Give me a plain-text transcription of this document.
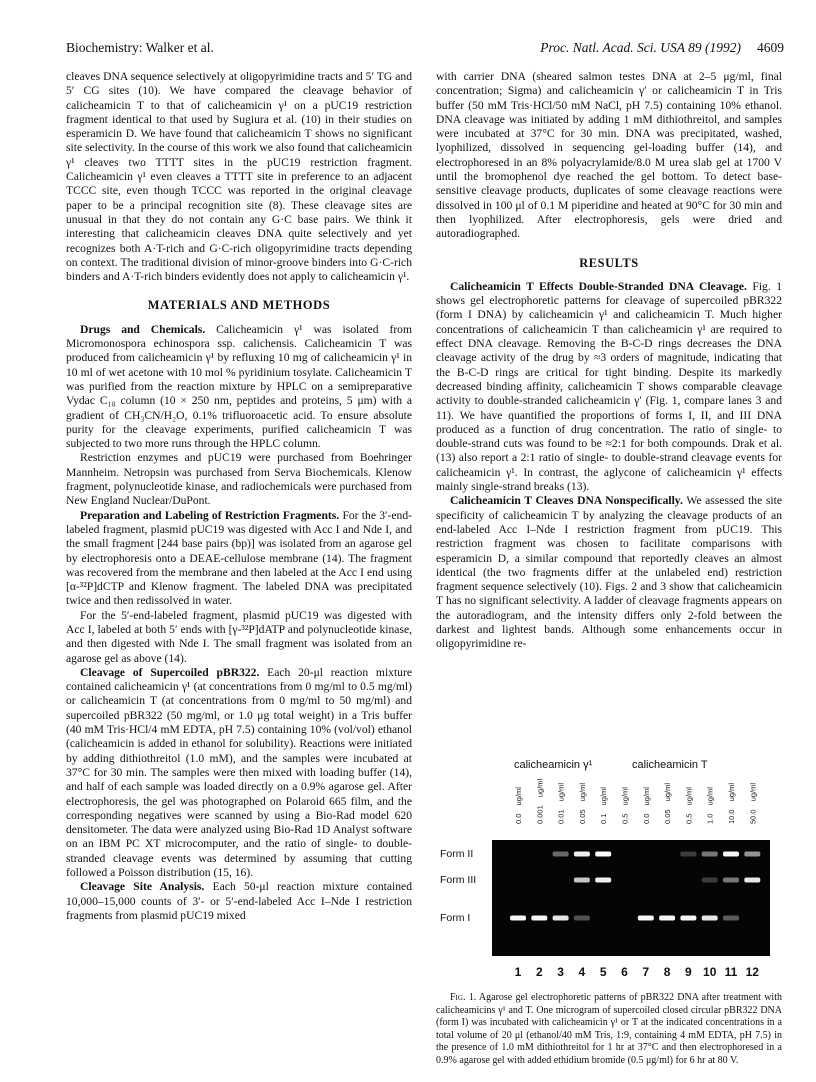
Biochemistry: Walker et al.	Proc. Natl. Acad. Sci. USA 89 (1992) 4609

cleaves DNA sequence selectively at oligopyrimidine tracts and 5′ TG and 5′ CG sites (10). We have compared the cleavage behavior of calicheamicin T to that of calicheamicin γ¹ on a pUC19 restriction fragment identical to that used by Sugiura et al. (10) in their studies on esperamicin D. We have found that calicheamicin T shows no significant site selectivity. In the course of this work we also found that calicheamicin γ¹ cleaves two TTTT sites in the pUC19 restriction fragment. Calicheamicin γ¹ even cleaves a TTTT site in preference to an adjacent TCCC site, even though TCCC was reported in the original cleavage paper to be a principal recognition site (8). These cleavage sites are unusual in that they do not contain any G·C base pairs. We think it interesting that calicheamicin cleaves DNA quite selectively and yet recognizes both A·T-rich and G·C-rich oligopyrimidine tracts depending on context. The traditional division of minor-groove binders into G·C-rich binders and A·T-rich binders evidently does not apply to calicheamicin γ¹.

MATERIALS AND METHODS

Drugs and Chemicals. Calicheamicin γ¹ was isolated from Micromonospora echinospora ssp. calichensis. Calicheamicin T was produced from calicheamicin γ¹ by refluxing 10 mg of calicheamicin γ¹ in 10 ml of wet acetone with 10 mol % pyridinium tosylate. Calicheamicin T was purified from the reaction mixture by HPLC on a semipreparative Vydac C₁₈ column (10 × 250 nm, peptides and proteins, 5 μm) with a gradient of CH₃CN/H₂O, 0.1% trifluoroacetic acid. To ensure absolute purity for the cleavage experiments, purified calicheamicin T was subjected to two more runs through the HPLC column.

Restriction enzymes and pUC19 were purchased from Boehringer Mannheim. Netropsin was purchased from Serva Biochemicals. Klenow fragment, polynucleotide kinase, and radiochemicals were purchased from New England Nuclear/DuPont.

Preparation and Labeling of Restriction Fragments. For the 3′-end-labeled fragment, plasmid pUC19 was digested with Acc I and Nde I, and the small fragment [244 base pairs (bp)] was isolated from an agarose gel by electrophoresis onto a DEAE-cellulose membrane (14). The fragment was recovered from the membrane and then labeled at the Acc I end using [α-³²P]dCTP and Klenow fragment. The labeled DNA was precipitated twice and then redissolved in water.

For the 5′-end-labeled fragment, plasmid pUC19 was digested with Acc I, labeled at both 5′ ends with [γ-³²P]dATP and polynucleotide kinase, and then digested with Nde I. The small fragment was isolated from an agarose gel as above (14).

Cleavage of Supercoiled pBR322. Each 20-μl reaction mixture contained calicheamicin γ¹ (at concentrations from 0 mg/ml to 0.5 mg/ml) or calicheamicin T (at concentrations from 0 mg/ml to 50 mg/ml) and supercoiled pBR322 (50 mg/ml, or 1.0 μg total weight) in a Tris buffer (40 mM Tris·HCl/4 mM EDTA, pH 7.5) containing 10% (vol/vol) ethanol (calicheamicin is added in ethanol for solubility). Reactions were initiated by adding dithiothreitol (1.0 mM), and the samples were incubated at 37°C for 30 min. The samples were then mixed with loading buffer (14), and half of each sample was loaded directly on a 0.9% agarose gel. After electrophoresis, the gel was photographed on Polaroid 665 film, and the corresponding negatives were scanned by using a Bio-Rad model 620 densitometer. The data were analyzed using Bio-Rad 1D Analyst software on an IBM PC XT microcomputer, and the ratio of single- to double-stranded cleavage events was determined by assuming that cutting followed a Poisson distribution (15, 16).

Cleavage Site Analysis. Each 50-μl reaction mixture contained 10,000–15,000 counts of 3′- or 5′-end-labeled Acc I–Nde I restriction fragments from plasmid pUC19 mixed

with carrier DNA (sheared salmon testes DNA at 2–5 μg/ml, final concentration; Sigma) and calicheamicin γ′ or calicheamicin T in Tris buffer (50 mM Tris·HCl/50 mM NaCl, pH 7.5) containing 10% ethanol. DNA cleavage was initiated by adding 1 mM dithiothreitol, and samples were incubated at 37°C for 30 min. DNA was precipitated, washed, lyophilized, dissolved in sequencing gel-loading buffer (14), and electrophoresed in an 8% polyacrylamide/8.0 M urea slab gel at 1700 V until the bromophenol dye reached the gel bottom. To detect base-sensitive cleavage products, duplicates of some cleavage reactions were dissolved in 100 μl of 0.1 M piperidine and heated at 90°C for 30 min and then lyophilized. After electrophoresis, gels were dried and autoradiographed.

RESULTS

Calicheamicin T Effects Double-Stranded DNA Cleavage. Fig. 1 shows gel electrophoretic patterns for cleavage of supercoiled pBR322 (form I DNA) by calicheamicin γ¹ and calicheamicin T. Much higher concentrations of calicheamicin T than calicheamicin γ¹ are required to effect DNA cleavage. Removing the B-C-D rings decreases the DNA cleavage activity of the drug by ≈3 orders of magnitude, indicating that the B-C-D rings are critical for tight binding. Despite its markedly decreased binding affinity, calicheamicin T shows comparable cleavage activity to double-stranded calicheamicin γ′ (Fig. 1, compare lanes 3 and 11). We have quantified the proportions of forms I, II, and III DNA produced as a function of drug concentration. The ratio of single- to double-strand cuts was found to be ≈2:1 for both compounds. Drak et al. (13) also report a 2:1 ratio of single- to double-strand cleavage events for calicheamicin γ¹. In contrast, the aglycone of calicheamicin γ¹ effects mainly single-strand breaks (13).

Calicheamicin T Cleaves DNA Nonspecifically. We assessed the site specificity of calicheamicin T by analyzing the cleavage products of an end-labeled Acc I–Nde I restriction fragment from pUC19. This restriction fragment was chosen to facilitate comparisons with esperamicin D, a similar compound that reportedly cleaves an almost identical (the two fragments differ at the unlabeled end) restriction fragment sequence selectively (10). Figs. 2 and 3 show that calicheamicin T has no significant selectivity. A ladder of cleavage fragments appears on the autoradiogram, and the intensity differs only 2-fold between the darkest and lightest bands. Although some enhancements occur in oligopyrimidine re-

calicheamicin γ¹	calicheamicin T
0.0 ug/ml
0.001 ug/ml
0.01 ug/ml
0.05 ug/ml
0.1 ug/ml
0.5 ug/ml
0.0 ug/ml
0.05 ug/ml
0.5 ug/ml
1.0 ug/ml
10.0 ug/ml
50.0 ug/ml
Form II
Form III
Form I
1 2 3 4 5 6 7 8 9 10 11 12

Fig. 1. Agarose gel electrophoretic patterns of pBR322 DNA after treatment with calicheamicins γ¹ and T. One microgram of supercoiled closed circular pBR322 DNA (form I) was incubated with calicheamicin γ¹ or T at the indicated concentrations in a total volume of 20 μl (ethanol/40 mM Tris, 1:9, containing 4 mM EDTA, pH 7.5) in the presence of 1.0 mM dithiothreitol for 1 hr at 37°C and then electrophoresed in a 0.9% agarose gel with added ethidium bromide (0.5 μg/ml) for 6 hr at 80 V.
